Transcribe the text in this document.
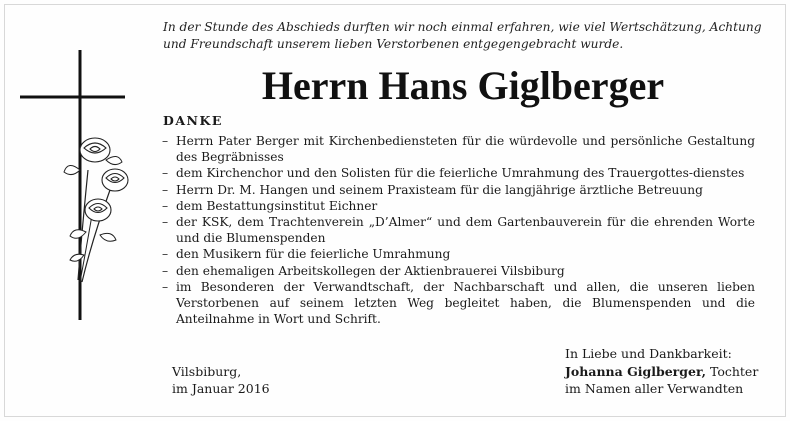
In der Stunde des Abschieds durften wir noch einmal erfahren, wie viel Wertschätzung, Achtung und Freundschaft unserem lieben Verstorbenen entgegengebracht wurde.
Herrn Hans Giglberger
DANKE
– Herrn Pater Berger mit Kirchenbediensteten für die würdevolle und persönliche Gestaltung des Begräbnisses
– dem Kirchenchor und den Solisten für die feierliche Umrahmung des Trauergottes-dienstes
– Herrn Dr. M. Hangen und seinem Praxisteam für die langjährige ärztliche Betreuung
– dem Bestattungsinstitut Eichner
– der KSK, dem Trachtenverein „D’Almer“ und dem Gartenbauverein für die ehrenden Worte und die Blumenspenden
– den Musikern für die feierliche Umrahmung
– den ehemaligen Arbeitskollegen der Aktienbrauerei Vilsbiburg
– im Besonderen der Verwandtschaft, der Nachbarschaft und allen, die unseren lieben Verstorbenen auf seinem letzten Weg begleitet haben, die Blumenspenden und die Anteilnahme in Wort und Schrift.
In Liebe und Dankbarkeit:
Vilsbiburg,
im Januar 2016
Johanna Giglberger, Tochter
im Namen aller Verwandten
